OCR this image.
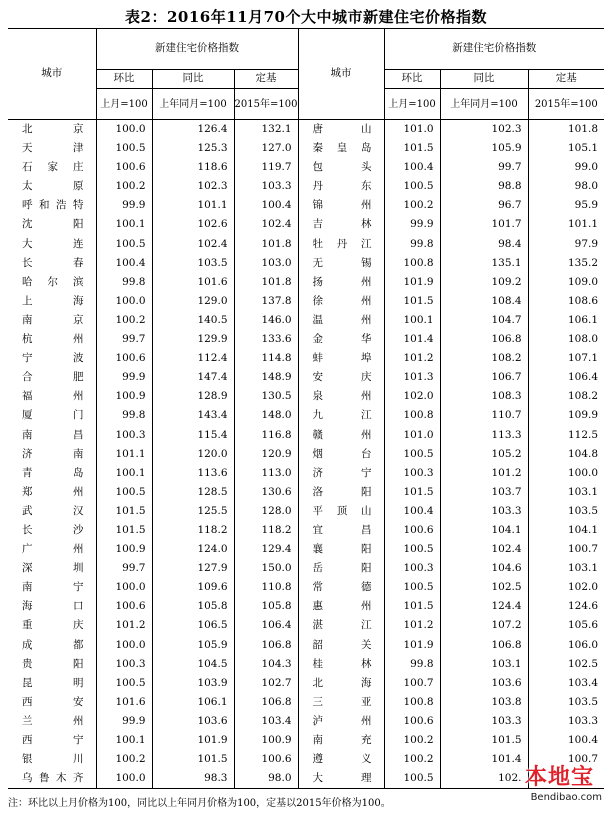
表2：2016年11月70个大中城市新建住宅价格指数
城市	新建住宅价格指数			城市	新建住宅价格指数		
	环比	同比	定基		环比	同比	定基
	上月=100	上年同月=100	2015年=100		上月=100	上年同月=100	2015年=100
北京	100.0	126.4	132.1	唐山	101.0	102.3	101.8
天津	100.5	125.3	127.0	秦皇岛	101.5	105.9	105.1
石家庄	100.6	118.6	119.7	包头	100.4	99.7	99.0
太原	100.2	102.3	103.3	丹东	100.5	98.8	98.0
呼和浩特	99.9	101.1	100.4	锦州	100.2	96.7	95.9
沈阳	100.1	102.6	102.4	吉林	99.9	101.7	101.1
大连	100.5	102.4	101.8	牡丹江	99.8	98.4	97.9
长春	100.4	103.5	103.0	无锡	100.8	135.1	135.2
哈尔滨	99.8	101.6	101.8	扬州	101.9	109.2	109.0
上海	100.0	129.0	137.8	徐州	101.5	108.4	108.6
南京	100.2	140.5	146.0	温州	100.1	104.7	106.1
杭州	99.7	129.9	133.6	金华	101.4	106.8	108.0
宁波	100.6	112.4	114.8	蚌埠	101.2	108.2	107.1
合肥	99.9	147.4	148.9	安庆	101.3	106.7	106.4
福州	100.9	128.9	130.5	泉州	102.0	108.3	108.2
厦门	99.8	143.4	148.0	九江	100.8	110.7	109.9
南昌	100.3	115.4	116.8	赣州	101.0	113.3	112.5
济南	101.1	120.0	120.9	烟台	100.5	105.2	104.8
青岛	100.1	113.6	113.0	济宁	100.3	101.2	100.0
郑州	100.5	128.5	130.6	洛阳	101.5	103.7	103.1
武汉	101.5	125.5	128.0	平顶山	100.4	103.3	103.5
长沙	101.5	118.2	118.2	宜昌	100.6	104.1	104.1
广州	100.9	124.0	129.4	襄阳	100.5	102.4	100.7
深圳	99.7	127.9	150.0	岳阳	100.3	104.6	103.1
南宁	100.0	109.6	110.8	常德	100.5	102.5	102.0
海口	100.6	105.8	105.8	惠州	101.5	124.4	124.6
重庆	101.2	106.5	106.4	湛江	101.2	107.2	105.6
成都	100.0	105.9	106.8	韶关	101.9	106.8	106.0
贵阳	100.3	104.5	104.3	桂林	99.8	103.1	102.5
昆明	100.5	103.9	102.7	北海	100.7	103.6	103.4
西安	101.6	106.1	106.8	三亚	100.8	103.8	103.5
兰州	99.9	103.6	103.4	泸州	100.6	103.3	103.3
西宁	100.1	101.9	100.9	南充	100.2	101.5	100.4
银川	100.2	101.5	100.6	遵义	100.2	101.4	100.7
乌鲁木齐	100.0	98.3	98.0	大理	100.5	102.	
注：环比以上月价格为100，同比以上年同月价格为100，定基以2015年价格为100。
本地宝
Bendibao.com
